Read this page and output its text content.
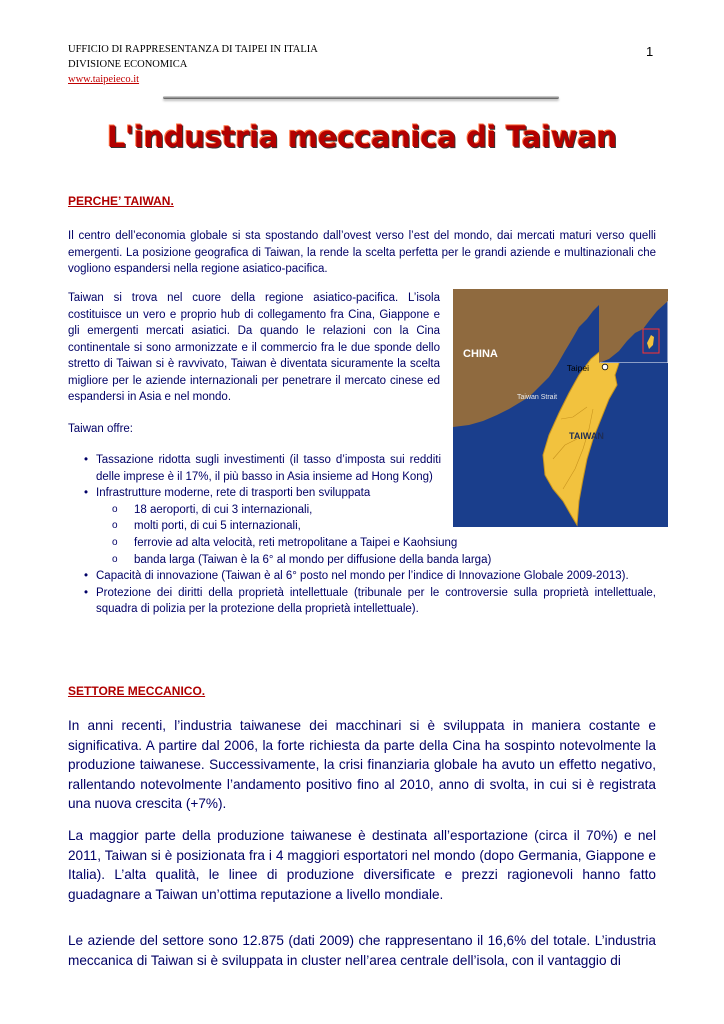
UFFICIO DI RAPPRESENTANZA DI TAIPEI IN ITALIA
DIVISIONE ECONOMICA
www.taipeieco.it
1
L'industria meccanica di Taiwan
PERCHE’ TAIWAN.
Il centro dell’economia globale si sta spostando dall’ovest verso l’est del mondo, dai mercati maturi verso quelli emergenti. La posizione geografica di Taiwan, la rende la scelta perfetta per le grandi aziende e multinazionali che vogliono espandersi nella regione asiatico-pacifica.
Taiwan si trova nel cuore della regione asiatico-pacifica. L’isola costituisce un vero e proprio hub di collegamento fra Cina, Giappone e gli emergenti mercati asiatici. Da quando le relazioni con la Cina continentale si sono armonizzate e il commercio fra le due sponde dello stretto di Taiwan si è ravvivato, Taiwan è diventata sicuramente la scelta migliore per le aziende internazionali per penetrare il mercato cinese ed espandersi in Asia e nel mondo.
Taiwan offre:
• Tassazione ridotta sugli investimenti (il tasso d’imposta sui redditi delle imprese è il 17%, il più basso in Asia insieme ad Hong Kong)
• Infrastrutture moderne, rete di trasporti ben sviluppata
o 18 aeroporti, di cui 3 internazionali,
o molti porti, di cui 5 internazionali,
o ferrovie ad alta velocità, reti metropolitane a Taipei e Kaohsiung
o banda larga (Taiwan è la 6° al mondo per diffusione della banda larga)
• Capacità di innovazione (Taiwan è al 6° posto nel mondo per l’indice di Innovazione Globale 2009-2013).
• Protezione dei diritti della proprietà intellettuale (tribunale per le controversie sulla proprietà intellettuale, squadra di polizia per la protezione della proprietà intellettuale).
CHINA
Taipei
Taiwan Strait
TAIWAN
SETTORE MECCANICO.
In anni recenti, l’industria taiwanese dei macchinari si è sviluppata in maniera costante e significativa. A partire dal 2006, la forte richiesta da parte della Cina ha sospinto notevolmente la produzione taiwanese. Successivamente, la crisi finanziaria globale ha avuto un effetto negativo, rallentando notevolmente l’andamento positivo fino al 2010, anno di svolta, in cui si è registrata una nuova crescita (+7%).
La maggior parte della produzione taiwanese è destinata all’esportazione (circa il 70%) e nel 2011, Taiwan si è posizionata fra i 4 maggiori esportatori nel mondo (dopo Germania, Giappone e Italia). L’alta qualità, le linee di produzione diversificate e prezzi ragionevoli hanno fatto guadagnare a Taiwan un’ottima reputazione a livello mondiale.
Le aziende del settore sono 12.875 (dati 2009) che rappresentano il 16,6% del totale. L’industria meccanica di Taiwan si è sviluppata in cluster nell’area centrale dell’isola, con il vantaggio di
